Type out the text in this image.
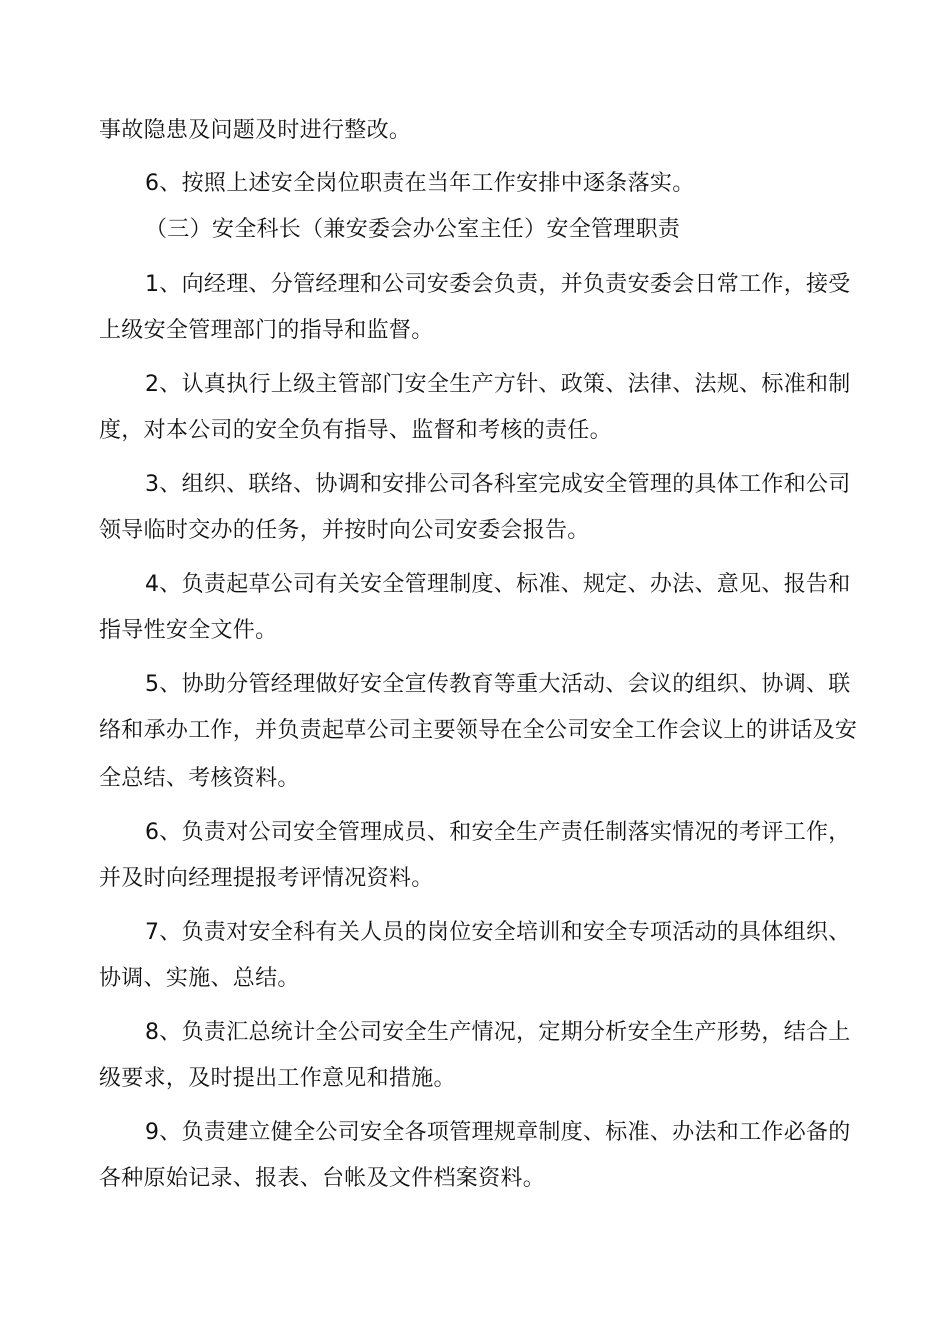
事故隐患及问题及时进行整改。
6、按照上述安全岗位职责在当年工作安排中逐条落实。
（三）安全科长（兼安委会办公室主任）安全管理职责
1、向经理、分管经理和公司安委会负责，并负责安委会日常工作，接受
上级安全管理部门的指导和监督。
2、认真执行上级主管部门安全生产方针、政策、法律、法规、标准和制
度，对本公司的安全负有指导、监督和考核的责任。
3、组织、联络、协调和安排公司各科室完成安全管理的具体工作和公司
领导临时交办的任务，并按时向公司安委会报告。
4、负责起草公司有关安全管理制度、标准、规定、办法、意见、报告和
指导性安全文件。
5、协助分管经理做好安全宣传教育等重大活动、会议的组织、协调、联
络和承办工作，并负责起草公司主要领导在全公司安全工作会议上的讲话及安
全总结、考核资料。
6、负责对公司安全管理成员、和安全生产责任制落实情况的考评工作，
并及时向经理提报考评情况资料。
7、负责对安全科有关人员的岗位安全培训和安全专项活动的具体组织、
协调、实施、总结。
8、负责汇总统计全公司安全生产情况，定期分析安全生产形势，结合上
级要求，及时提出工作意见和措施。
9、负责建立健全公司安全各项管理规章制度、标准、办法和工作必备的
各种原始记录、报表、台帐及文件档案资料。
